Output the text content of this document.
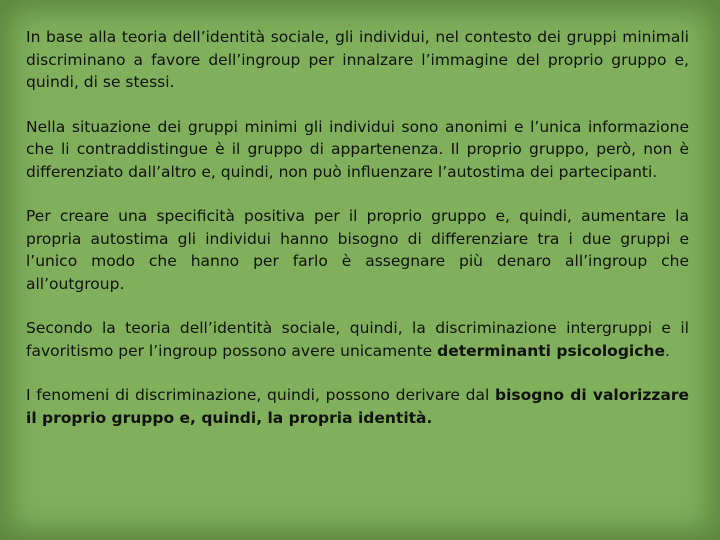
In base alla teoria dell’identità sociale, gli individui, nel contesto dei gruppi minimali discriminano a favore dell’ingroup per innalzare l’immagine del proprio gruppo e, quindi, di se stessi.

Nella situazione dei gruppi minimi gli individui sono anonimi e l’unica informazione che li contraddistingue è il gruppo di appartenenza. Il proprio gruppo, però, non è differenziato dall’altro e, quindi, non può influenzare l’autostima dei partecipanti.

Per creare una specificità positiva per il proprio gruppo e, quindi, aumentare la propria autostima gli individui hanno bisogno di differenziare tra i due gruppi e l’unico modo che hanno per farlo è assegnare più denaro all’ingroup che all’outgroup.

Secondo la teoria dell’identità sociale, quindi, la discriminazione intergruppi e il favoritismo per l’ingroup possono avere unicamente determinanti psicologiche.

I fenomeni di discriminazione, quindi, possono derivare dal bisogno di valorizzare il proprio gruppo e, quindi, la propria identità.
